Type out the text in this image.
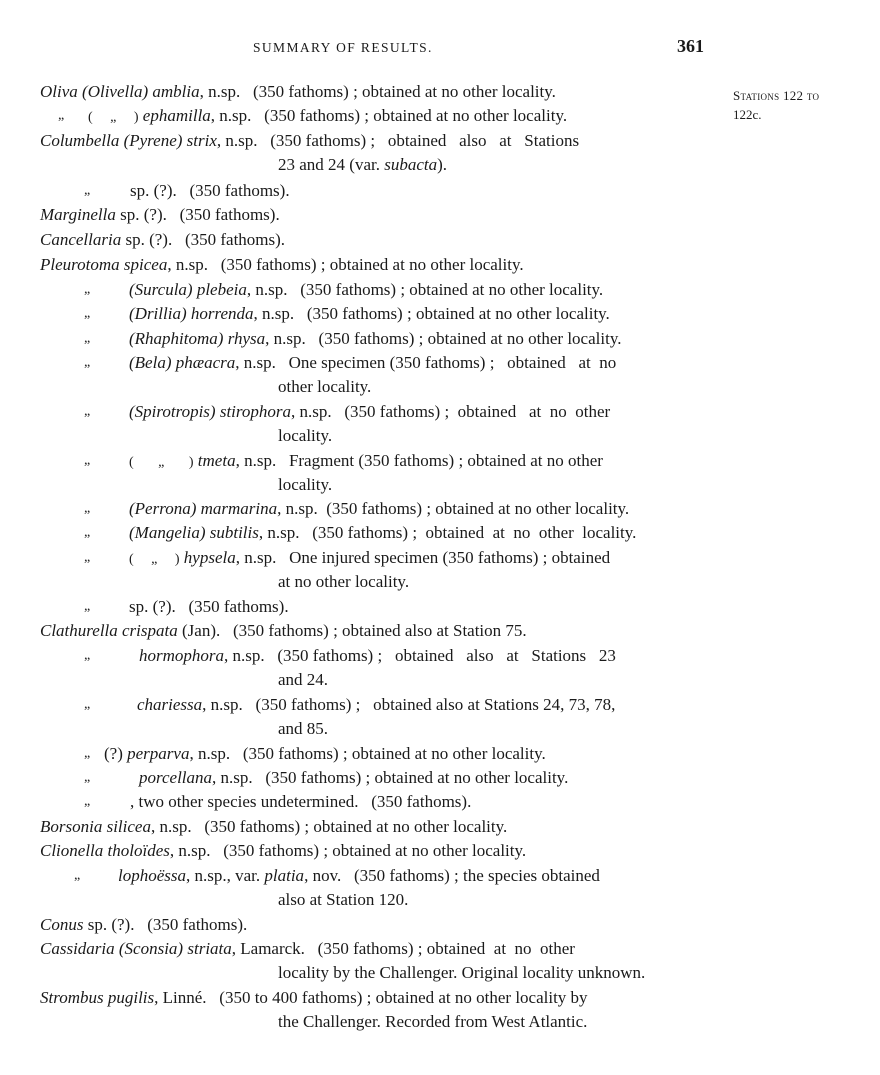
SUMMARY OF RESULTS.	361
Stations 122 to
122c.
Oliva (Olivella) amblia, n.sp.   (350 fathoms) ; obtained at no other locality.
„ (     „     ) ephamilla, n.sp.   (350 fathoms) ; obtained at no other locality.
Columbella (Pyrene) strix, n.sp.   (350 fathoms) ;   obtained   also   at   Stations
23 and 24 (var. subacta).
„ sp. (?).   (350 fathoms).
Marginella sp. (?).   (350 fathoms).
Cancellaria sp. (?).   (350 fathoms).
Pleurotoma spicea, n.sp.   (350 fathoms) ; obtained at no other locality.
„ (Surcula) plebeia, n.sp.   (350 fathoms) ; obtained at no other locality.
„ (Drillia) horrenda, n.sp.   (350 fathoms) ; obtained at no other locality.
„ (Rhaphitoma) rhysa, n.sp.   (350 fathoms) ; obtained at no other locality.
„ (Bela) phæacra, n.sp.   One specimen (350 fathoms) ;   obtained   at  no
other locality.
„ (Spirotropis) stirophora, n.sp.   (350 fathoms) ;  obtained   at  no  other
locality.
„	(       „       ) tmeta, n.sp.   Fragment (350 fathoms) ; obtained at no other
locality.
„ (Perrona) marmarina, n.sp.  (350 fathoms) ; obtained at no other locality.
„ (Mangelia) subtilis, n.sp.   (350 fathoms) ;  obtained  at  no  other  locality.
„	(     „     ) hypsela, n.sp.   One injured specimen (350 fathoms) ; obtained
at no other locality.
„ sp. (?).   (350 fathoms).
Clathurella crispata (Jan).   (350 fathoms) ; obtained also at Station 75.
„	hormophora, n.sp.   (350 fathoms) ;   obtained   also   at   Stations   23
and 24.
„	chariessa, n.sp.   (350 fathoms) ;   obtained also at Stations 24, 73, 78,
and 85.
„ (?) perparva, n.sp.   (350 fathoms) ; obtained at no other locality.
„	porcellana, n.sp.   (350 fathoms) ; obtained at no other locality.
„ , two other species undetermined.   (350 fathoms).
Borsonia silicea, n.sp.   (350 fathoms) ; obtained at no other locality.
Clionella tholoïdes, n.sp.   (350 fathoms) ; obtained at no other locality.
„ lophoëssa, n.sp., var. platia, nov.   (350 fathoms) ; the species obtained
also at Station 120.
Conus sp. (?).   (350 fathoms).
Cassidaria (Sconsia) striata, Lamarck.   (350 fathoms) ; obtained  at  no  other
locality by the Challenger. Original locality unknown.
Strombus pugilis, Linné.   (350 to 400 fathoms) ; obtained at no other locality by
the Challenger. Recorded from West Atlantic.
